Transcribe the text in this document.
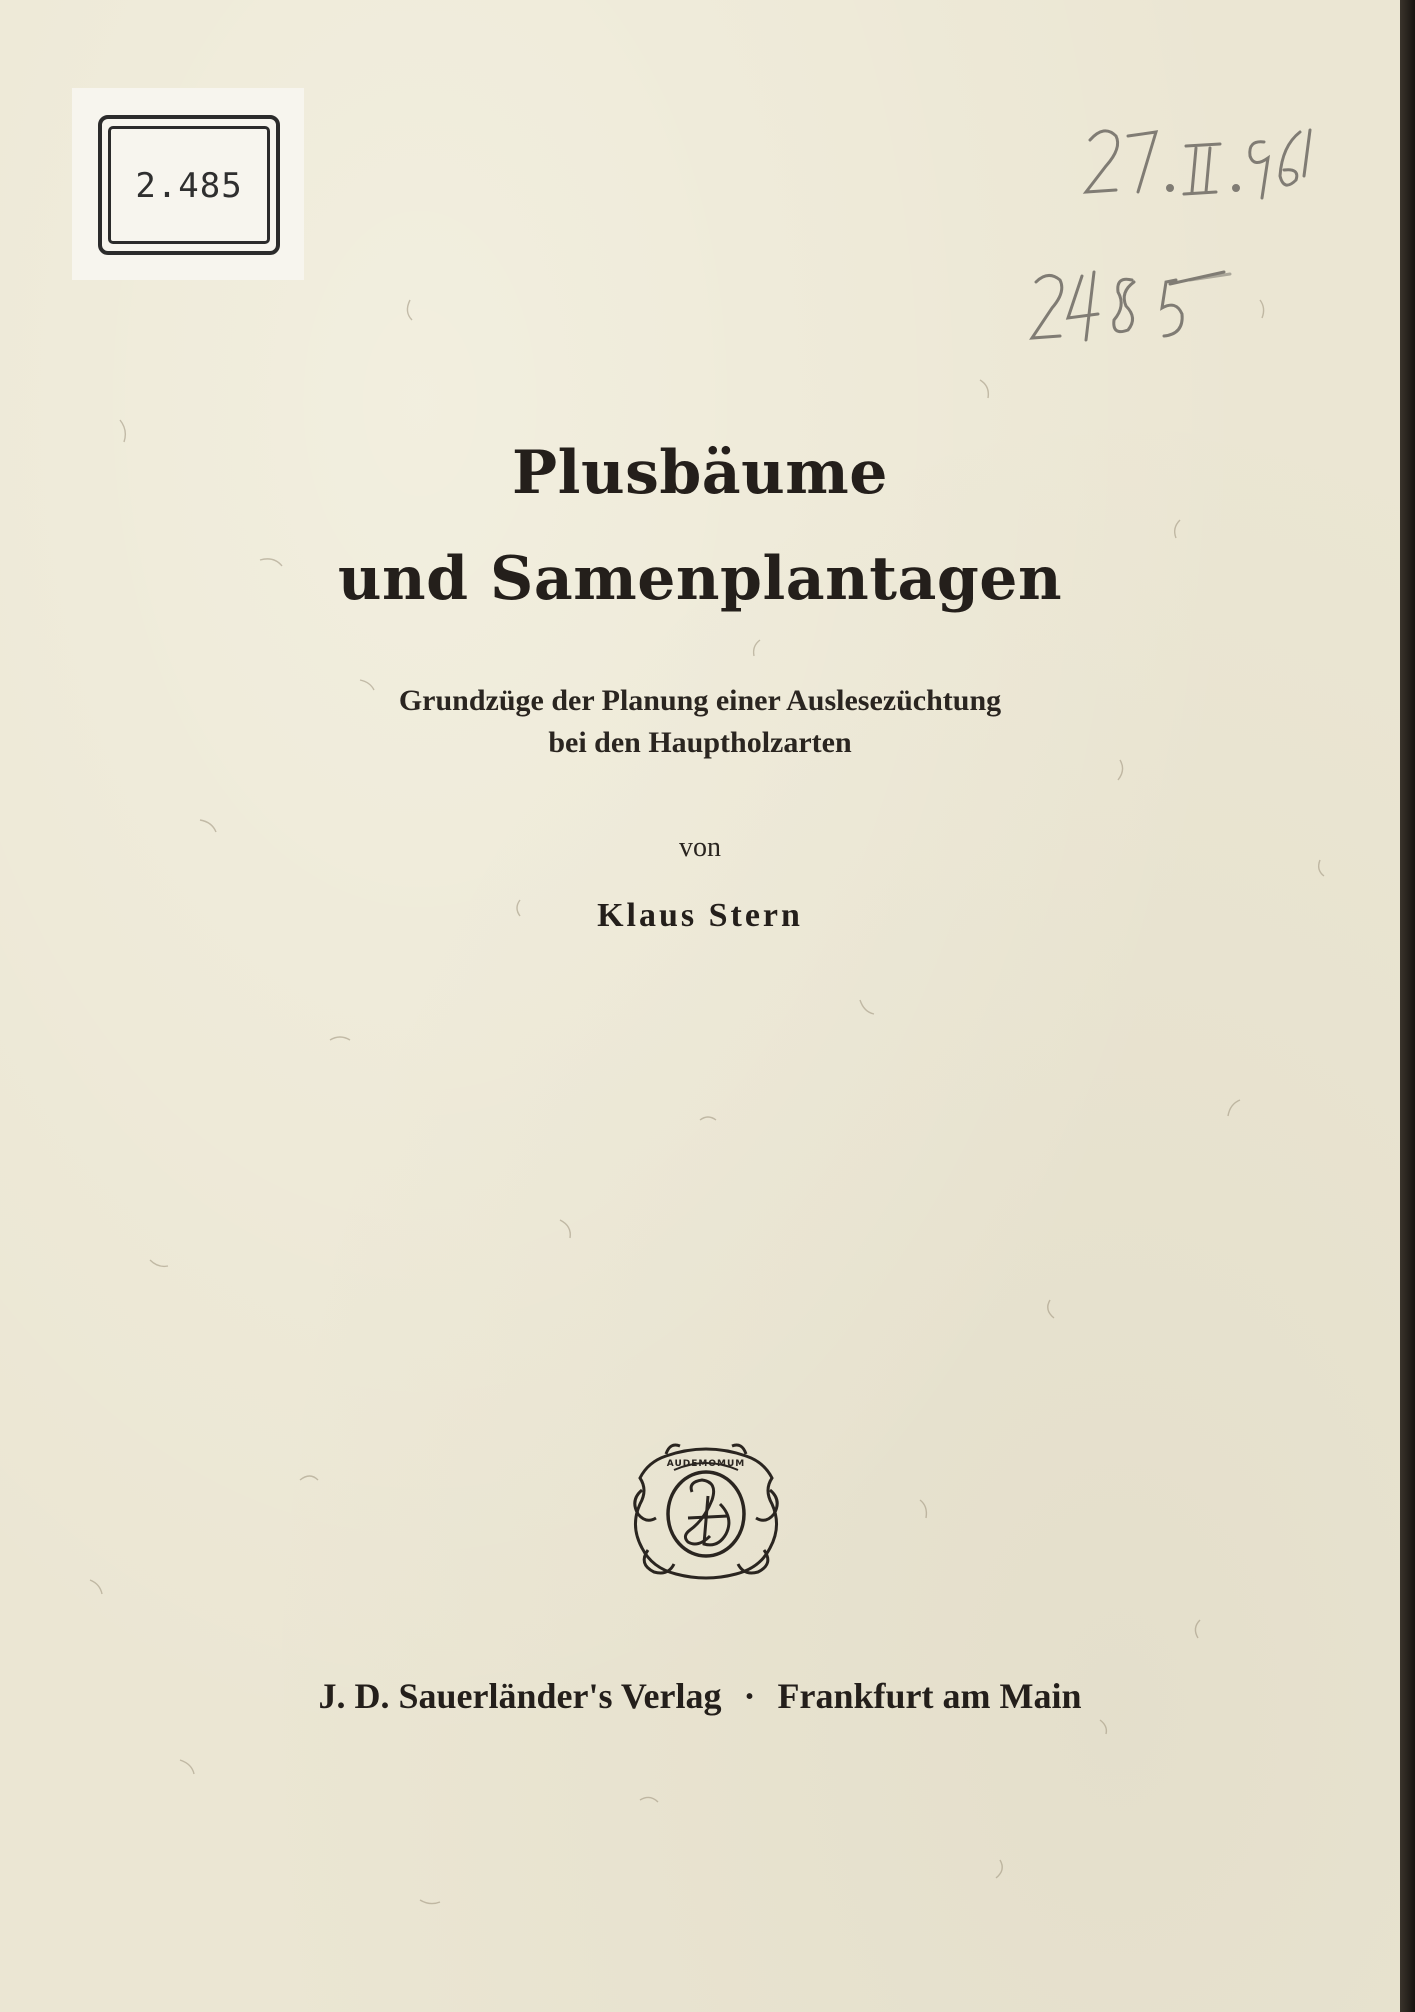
2.485
Plusbäume
und Samenplantagen
Grundzüge der Planung einer Auslesezüchtung
bei den Hauptholzarten
von
Klaus Stern
AUDEMOMUM
J. D. Sauerländer's Verlag · Frankfurt am Main
